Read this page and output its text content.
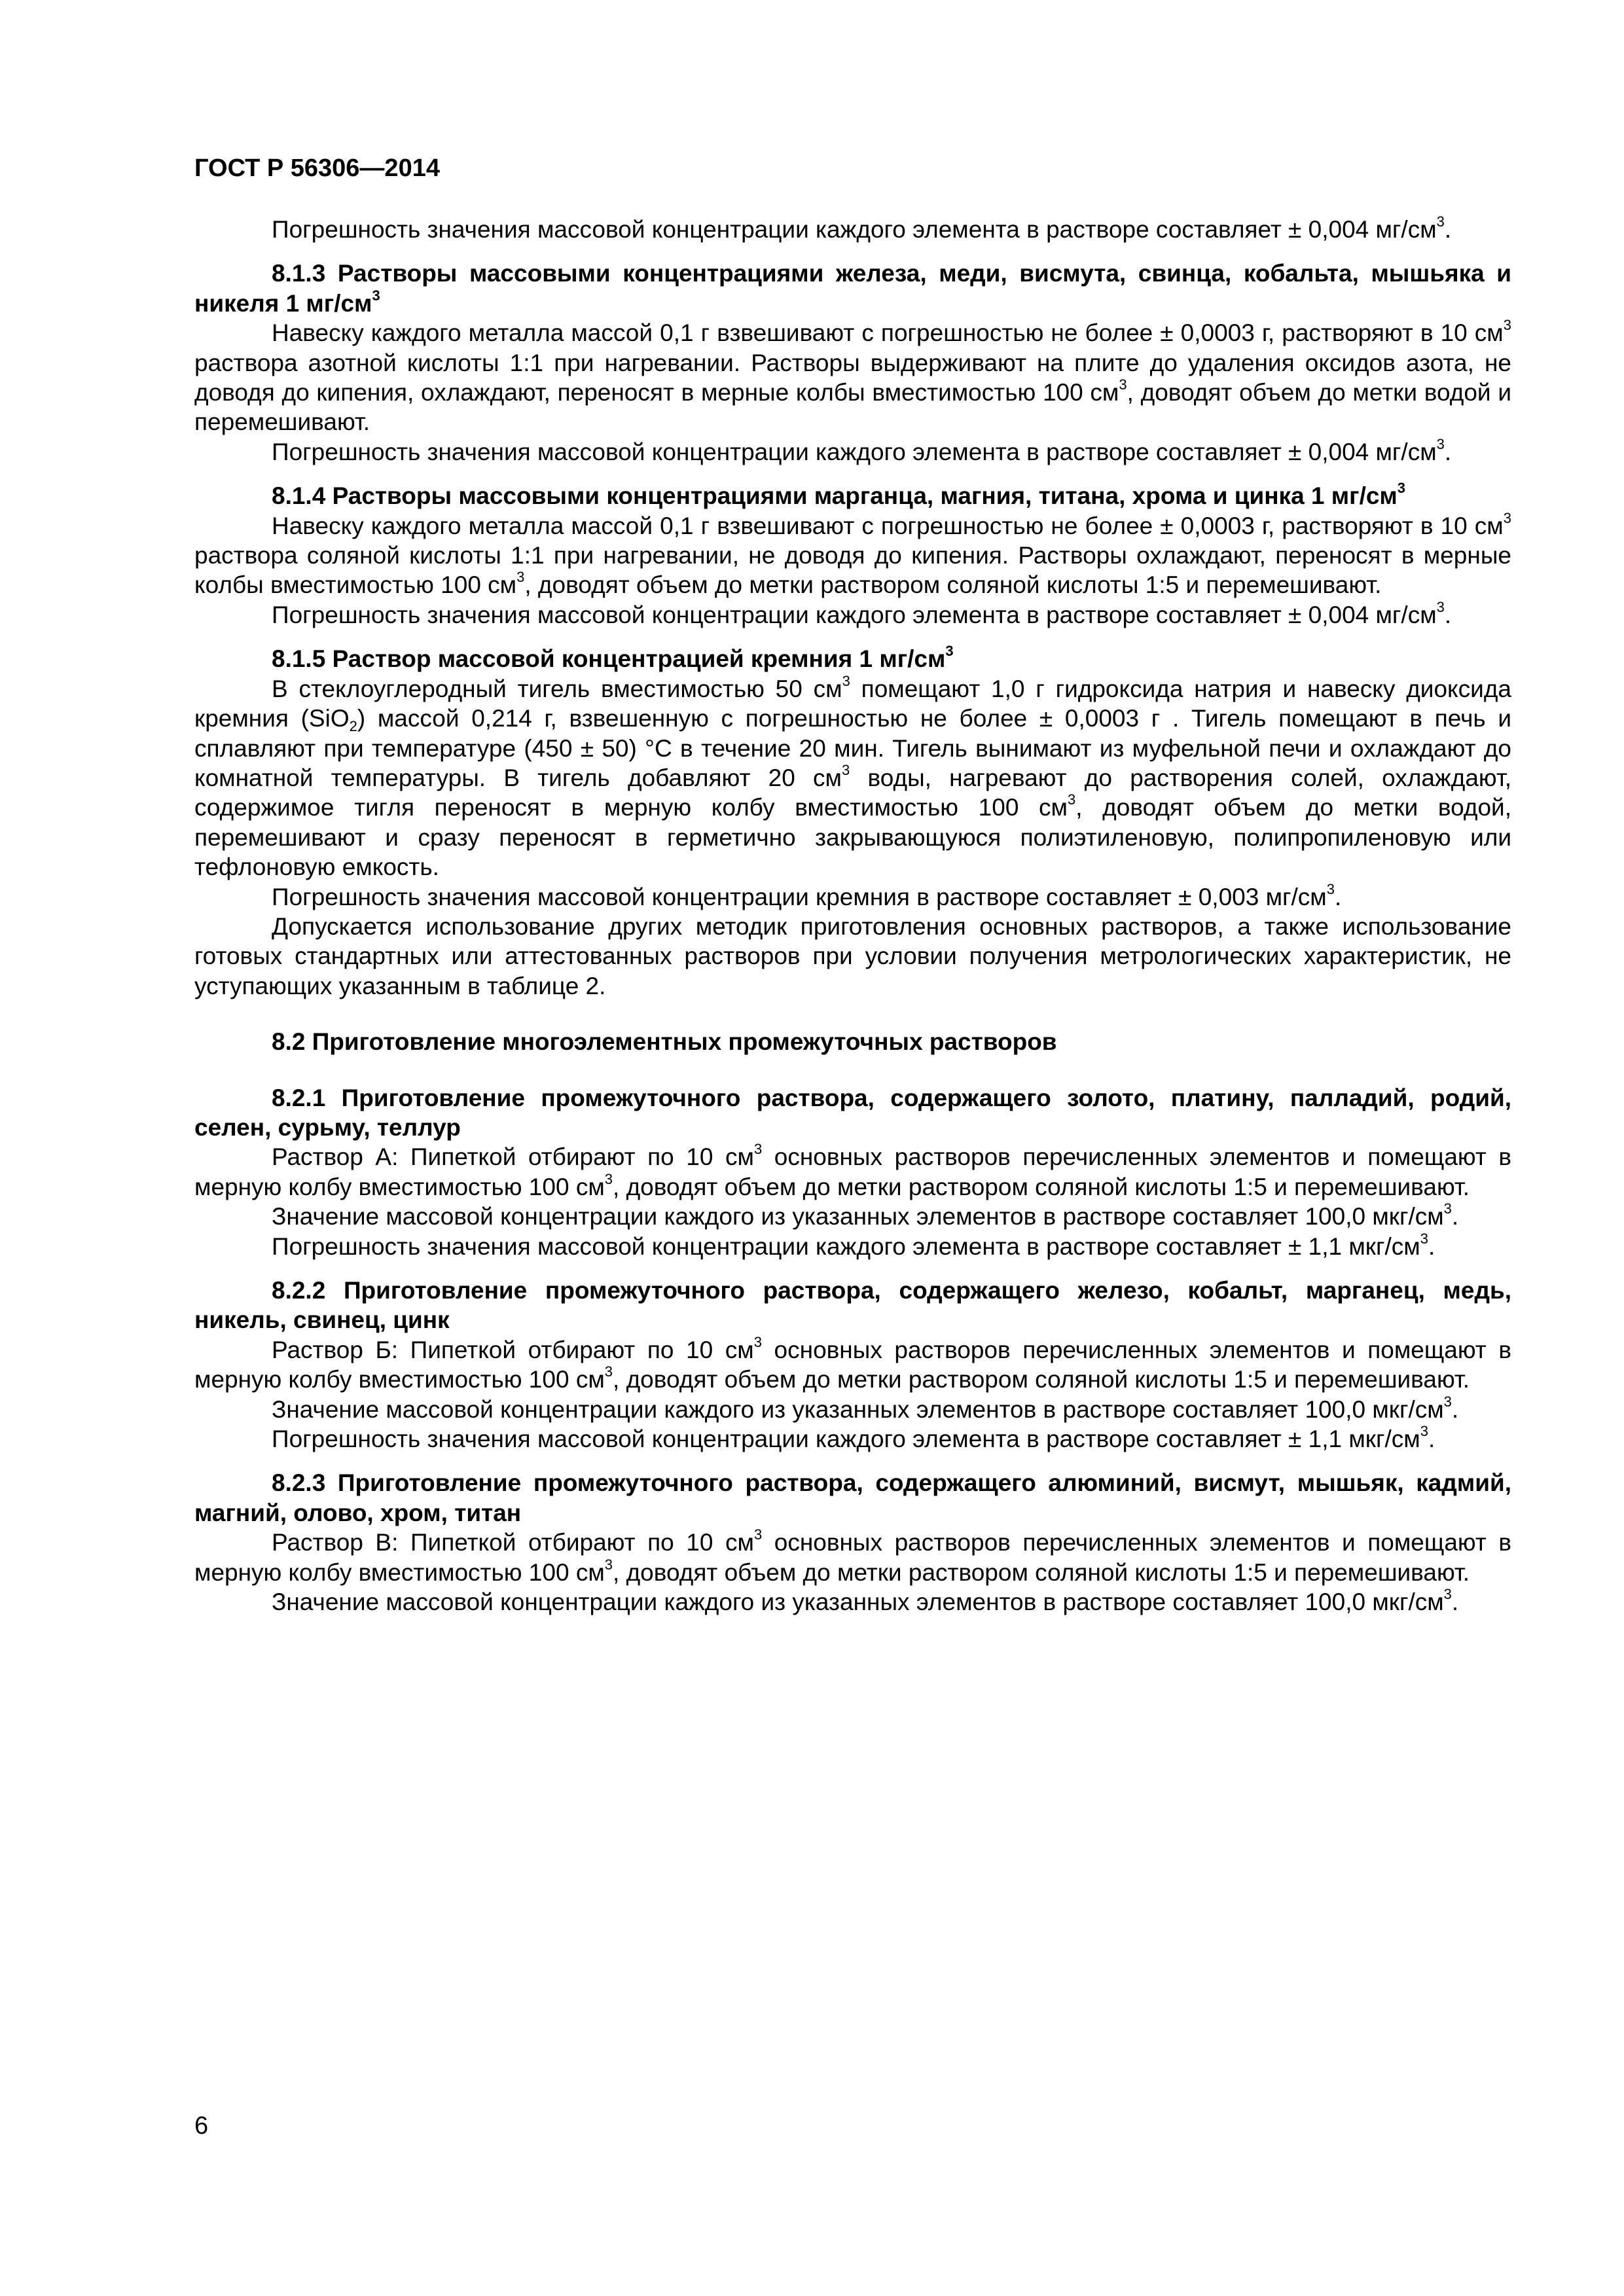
ГОСТ Р 56306—2014

Погрешность значения массовой концентрации каждого элемента в растворе составляет ± 0,004 $мг/см^3$.

8.1.3 Растворы массовыми концентрациями железа, меди, висмута, свинца, кобальта, мышьяка и никеля 1 $мг/см^3$

Навеску каждого металла массой 0,1 г взвешивают с погрешностью не более ± 0,0003 г, растворяют в 10 $см^3$ раствора азотной кислоты 1:1 при нагревании. Растворы выдерживают на плите до удаления оксидов азота, не доводя до кипения, охлаждают, переносят в мерные колбы вместимостью 100 $см^3$, доводят объем до метки водой и перемешивают.

Погрешность значения массовой концентрации каждого элемента в растворе составляет ± 0,004 $мг/см^3$.

8.1.4 Растворы массовыми концентрациями марганца, магния, титана, хрома и цинка 1 $мг/см^3$

Навеску каждого металла массой 0,1 г взвешивают с погрешностью не более ± 0,0003 г, растворяют в 10 $см^3$ раствора соляной кислоты 1:1 при нагревании, не доводя до кипения. Растворы охлаждают, переносят в мерные колбы вместимостью 100 $см^3$, доводят объем до метки раствором соляной кислоты 1:5 и перемешивают.

Погрешность значения массовой концентрации каждого элемента в растворе составляет ± 0,004 $мг/см^3$.

8.1.5 Раствор массовой концентрацией кремния 1 $мг/см^3$

В стеклоуглеродный тигель вместимостью 50 $см^3$ помещают 1,0 г гидроксида натрия и навеску диоксида кремния (SiO$_2$) массой 0,214 г, взвешенную с погрешностью не более ± 0,0003 г . Тигель помещают в печь и сплавляют при температуре (450 ± 50) °С в течение 20 мин. Тигель вынимают из муфельной печи и охлаждают до комнатной температуры. В тигель добавляют 20 $см^3$ воды, нагревают до растворения солей, охлаждают, содержимое тигля переносят в мерную колбу вместимостью 100 $см^3$, доводят объем до метки водой, перемешивают и сразу переносят в герметично закрывающуюся полиэтиленовую, полипропиленовую или тефлоновую емкость.

Погрешность значения массовой концентрации кремния в растворе составляет ± 0,003 $мг/см^3$.

Допускается использование других методик приготовления основных растворов, а также использование готовых стандартных или аттестованных растворов при условии получения метрологических характеристик, не уступающих указанным в таблице 2.

8.2 Приготовление многоэлементных промежуточных растворов

8.2.1 Приготовление промежуточного раствора, содержащего золото, платину, палладий, родий, селен, сурьму, теллур

Раствор А: Пипеткой отбирают по 10 $см^3$ основных растворов перечисленных элементов и помещают в мерную колбу вместимостью 100 $см^3$, доводят объем до метки раствором соляной кислоты 1:5 и перемешивают.

Значение массовой концентрации каждого из указанных элементов в растворе составляет 100,0 мкг/$см^3$.

Погрешность значения массовой концентрации каждого элемента в растворе составляет ± 1,1 мкг/$см^3$.

8.2.2 Приготовление промежуточного раствора, содержащего железо, кобальт, марганец, медь, никель, свинец, цинк

Раствор Б: Пипеткой отбирают по 10 $см^3$ основных растворов перечисленных элементов и помещают в мерную колбу вместимостью 100 $см^3$, доводят объем до метки раствором соляной кислоты 1:5 и перемешивают.

Значение массовой концентрации каждого из указанных элементов в растворе составляет 100,0 мкг/$см^3$.

Погрешность значения массовой концентрации каждого элемента в растворе составляет ± 1,1 мкг/$см^3$.

8.2.3 Приготовление промежуточного раствора, содержащего алюминий, висмут, мышьяк, кадмий, магний, олово, хром, титан

Раствор В: Пипеткой отбирают по 10 $см^3$ основных растворов перечисленных элементов и помещают в мерную колбу вместимостью 100 $см^3$, доводят объем до метки раствором соляной кислоты 1:5 и перемешивают.

Значение массовой концентрации каждого из указанных элементов в растворе составляет 100,0 мкг/$см^3$.

6
